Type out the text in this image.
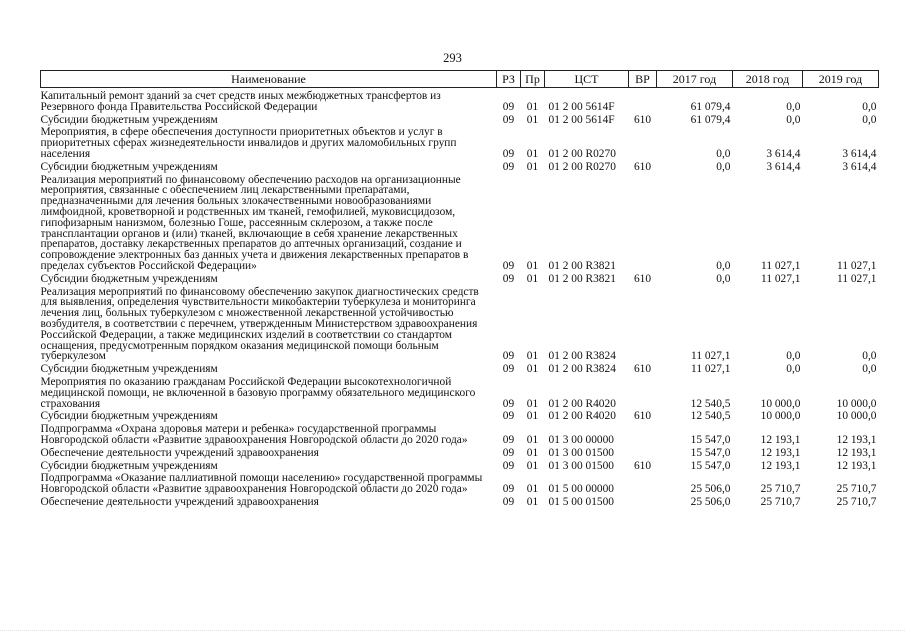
293
Наименование	РЗ	Пр	ЦСТ	ВР	2017 год	2018 год	2019 год
Капитальный ремонт зданий за счет средств иных межбюджетных трансфертов из Резервного фонда Правительства Российской Федерации	09	01	01 2 00 5614F		61 079,4	0,0	0,0
Субсидии бюджетным учреждениям	09	01	01 2 00 5614F	610	61 079,4	0,0	0,0
Мероприятия, в сфере обеспечения доступности приоритетных объектов и услуг в приоритетных сферах жизнедеятельности инвалидов и других маломобильных групп населения	09	01	01 2 00 R0270		0,0	3 614,4	3 614,4
Субсидии бюджетным учреждениям	09	01	01 2 00 R0270	610	0,0	3 614,4	3 614,4
Реализация мероприятий по финансовому обеспечению расходов на организационные мероприятия, связанные с обеспечением лиц лекарственными препаратами, предназначенными для лечения больных злокачественными новообразованиями лимфоидной, кроветворной и родственных им тканей, гемофилией, муковисцидозом, гипофизарным нанизмом, болезнью Гоше, рассеянным склерозом, а также после трансплантации органов и (или) тканей, включающие в себя хранение лекарственных препаратов, доставку лекарственных препаратов до аптечных организаций, создание и сопровождение электронных баз данных учета и движения лекарственных препаратов в пределах субъектов Российской Федерации»	09	01	01 2 00 R3821		0,0	11 027,1	11 027,1
Субсидии бюджетным учреждениям	09	01	01 2 00 R3821	610	0,0	11 027,1	11 027,1
Реализация мероприятий по финансовому обеспечению закупок диагностических средств для выявления, определения чувствительности микобактерии туберкулеза и мониторинга лечения лиц, больных туберкулезом с множественной лекарственной устойчивостью возбудителя, в соответствии с перечнем, утвержденным Министерством здравоохранения Российской Федерации, а также медицинских изделий в соответствии со стандартом оснащения, предусмотренным порядком оказания медицинской помощи больным туберкулезом	09	01	01 2 00 R3824		11 027,1	0,0	0,0
Субсидии бюджетным учреждениям	09	01	01 2 00 R3824	610	11 027,1	0,0	0,0
Мероприятия по оказанию гражданам Российской Федерации высокотехнологичной медицинской помощи, не включенной в базовую программу обязательного медицинского страхования	09	01	01 2 00 R4020		12 540,5	10 000,0	10 000,0
Субсидии бюджетным учреждениям	09	01	01 2 00 R4020	610	12 540,5	10 000,0	10 000,0
Подпрограмма «Охрана здоровья матери и ребенка» государственной программы Новгородской области «Развитие здравоохранения Новгородской области до 2020 года»	09	01	01 3 00 00000		15 547,0	12 193,1	12 193,1
Обеспечение деятельности учреждений здравоохранения	09	01	01 3 00 01500		15 547,0	12 193,1	12 193,1
Субсидии бюджетным учреждениям	09	01	01 3 00 01500	610	15 547,0	12 193,1	12 193,1
Подпрограмма «Оказание паллиативной помощи населению» государственной программы Новгородской области «Развитие здравоохранения Новгородской области до 2020 года»	09	01	01 5 00 00000		25 506,0	25 710,7	25 710,7
Обеспечение деятельности учреждений здравоохранения	09	01	01 5 00 01500		25 506,0	25 710,7	25 710,7
